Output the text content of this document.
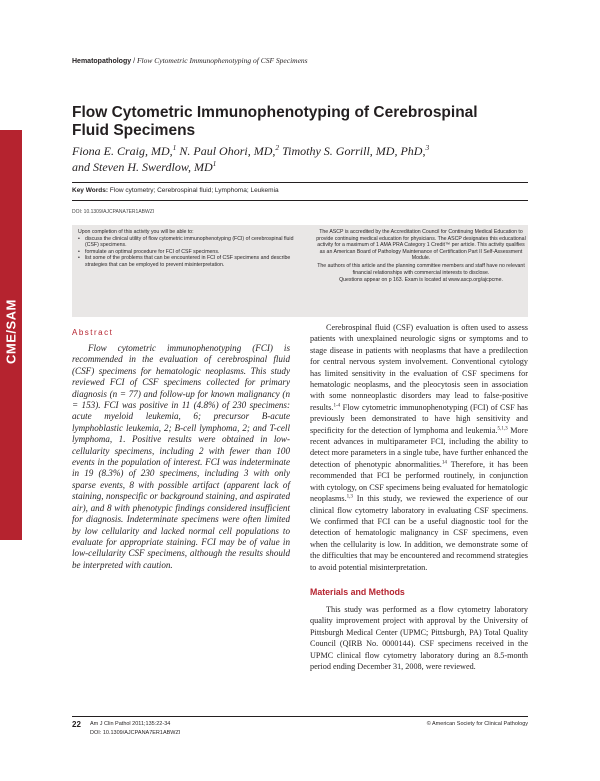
CME/SAM
Hematopathology / Flow Cytometric Immunophenotyping of CSF Specimens
Flow Cytometric Immunophenotyping of Cerebrospinal Fluid Specimens
Fiona E. Craig, MD,$^1$ N. Paul Ohori, MD,$^2$ Timothy S. Gorrill, MD, PhD,$^3$
and Steven H. Swerdlow, $MD^1$
Key Words: Flow cytometry; Cerebrospinal fluid; Lymphoma; Leukemia
DOI: 10.1309/AJCPANA7ER1ABWZI
Upon completion of this activity you will be able to:
• discuss the clinical utility of flow cytometric immunophenotyping (FCI) of cerebrospinal fluid (CSF) specimens.
• formulate an optimal procedure for FCI of CSF specimens.
• list some of the problems that can be encountered in FCI of CSF specimens and describe strategies that can be employed to prevent misinterpretation.

The ASCP is accredited by the Accreditation Council for Continuing Medical Education to provide continuing medical education for physicians. The ASCP designates this educational activity for a maximum of 1 AMA PRA Category 1 Credit™ per article. This activity qualifies as an American Board of Pathology Maintenance of Certification Part II Self-Assessment Module.

The authors of this article and the planning committee members and staff have no relevant financial relationships with commercial interests to disclose.

Questions appear on p 163. Exam is located at www.ascp.org/ajcpcme.

Abstract

Flow cytometric immunophenotyping (FCI) is recommended in the evaluation of cerebrospinal fluid (CSF) specimens for hematologic neoplasms. This study reviewed FCI of CSF specimens collected for primary diagnosis (n = 77) and follow-up for known malignancy (n = 153). FCI was positive in 11 (4.8%) of 230 specimens: acute myeloid leukemia, 6; precursor B-acute lymphoblastic leukemia, 2; B-cell lymphoma, 2; and T-cell lymphoma, 1. Positive results were obtained in low-cellularity specimens, including 2 with fewer than 100 events in the population of interest. FCI was indeterminate in 19 (8.3%) of 230 specimens, including 3 with only sparse events, 8 with possible artifact (apparent lack of staining, nonspecific or background staining, and aspirated air), and 8 with phenotypic findings considered insufficient for diagnosis. Indeterminate specimens were often limited by low cellularity and lacked normal cell populations to evaluate for appropriate staining. FCI may be of value in low-cellularity CSF specimens, although the results should be interpreted with caution.

Cerebrospinal fluid (CSF) evaluation is often used to assess patients with unexplained neurologic signs or symptoms and to stage disease in patients with neoplasms that have a predilection for central nervous system involvement. Conventional cytology has limited sensitivity in the evaluation of CSF specimens for hematologic neoplasms, and the pleocytosis seen in association with some nonneoplastic disorders may lead to false-positive results.$^{1-4}$ Flow cytometric immunophenotyping (FCI) of CSF has previously been demonstrated to have high sensitivity and specificity for the detection of lymphoma and leukemia.$^{5,1,3}$ More recent advances in multiparameter FCI, including the ability to detect more parameters in a single tube, have further enhanced the detection of phenotypic abnormalities.$^{14}$ Therefore, it has been recommended that FCI be performed routinely, in conjunction with cytology, on CSF specimens being evaluated for hematologic neoplasms.$^{1,3}$ In this study, we reviewed the experience of our clinical flow cytometry laboratory in evaluating CSF specimens. We confirmed that FCI can be a useful diagnostic tool for the detection of hematologic malignancy in CSF specimens, even when the cellularity is low. In addition, we demonstrate some of the difficulties that may be encountered and recommend strategies to avoid potential misinterpretation.

Materials and Methods

This study was performed as a flow cytometry laboratory quality improvement project with approval by the University of Pittsburgh Medical Center (UPMC; Pittsburgh, PA) Total Quality Council (QIRB No. 0000144). CSF specimens received in the UPMC clinical flow cytometry laboratory during an 8.5-month period ending December 31, 2008, were reviewed.

22 Am J Clin Pathol 2011;135:22-34
DOI: 10.1309/AJCPANA7ER1ABWZI
© American Society for Clinical Pathology
